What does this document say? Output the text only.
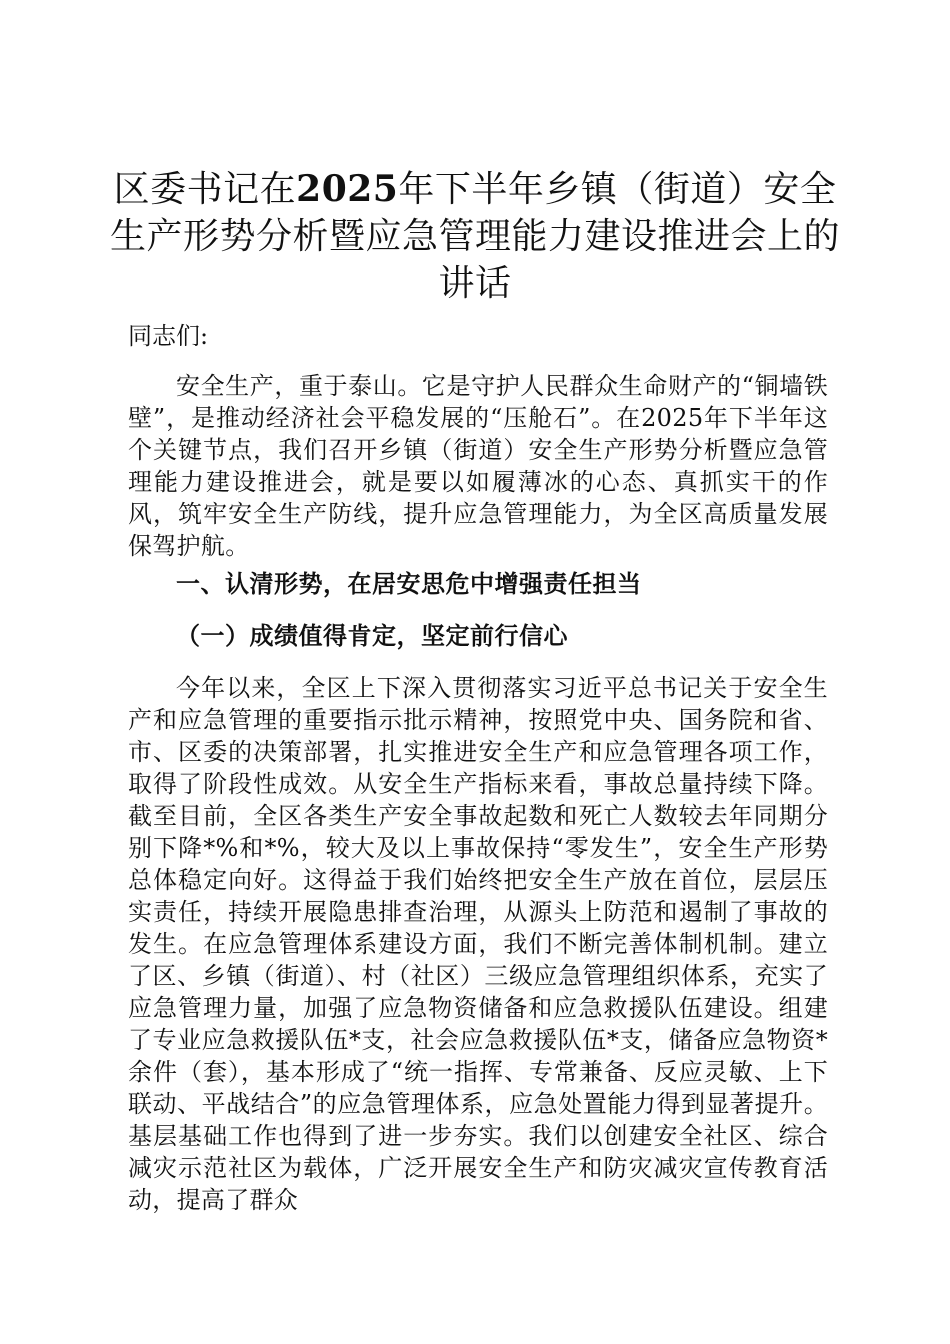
区委书记在2025年下半年乡镇（街道）安全生产形势分析暨应急管理能力建设推进会上的讲话

同志们:

安全生产，重于泰山。它是守护人民群众生命财产的“铜墙铁壁”，是推动经济社会平稳发展的“压舱石”。在2025年下半年这个关键节点，我们召开乡镇（街道）安全生产形势分析暨应急管理能力建设推进会，就是要以如履薄冰的心态、真抓实干的作风，筑牢安全生产防线，提升应急管理能力，为全区高质量发展保驾护航。

一、认清形势，在居安思危中增强责任担当

（一）成绩值得肯定，坚定前行信心

今年以来，全区上下深入贯彻落实习近平总书记关于安全生产和应急管理的重要指示批示精神，按照党中央、国务院和省、市、区委的决策部署，扎实推进安全生产和应急管理各项工作，取得了阶段性成效。从安全生产指标来看，事故总量持续下降。截至目前，全区各类生产安全事故起数和死亡人数较去年同期分别下降*%和*%，较大及以上事故保持“零发生”，安全生产形势总体稳定向好。这得益于我们始终把安全生产放在首位，层层压实责任，持续开展隐患排查治理，从源头上防范和遏制了事故的发生。在应急管理体系建设方面，我们不断完善体制机制。建立了区、乡镇（街道）、村（社区）三级应急管理组织体系，充实了应急管理力量，加强了应急物资储备和应急救援队伍建设。组建了专业应急救援队伍*支，社会应急救援队伍*支，储备应急物资*余件（套），基本形成了“统一指挥、专常兼备、反应灵敏、上下联动、平战结合”的应急管理体系，应急处置能力得到显著提升。基层基础工作也得到了进一步夯实。我们以创建安全社区、综合减灾示范社区为载体，广泛开展安全生产和防灾减灾宣传教育活动，提高了群众
